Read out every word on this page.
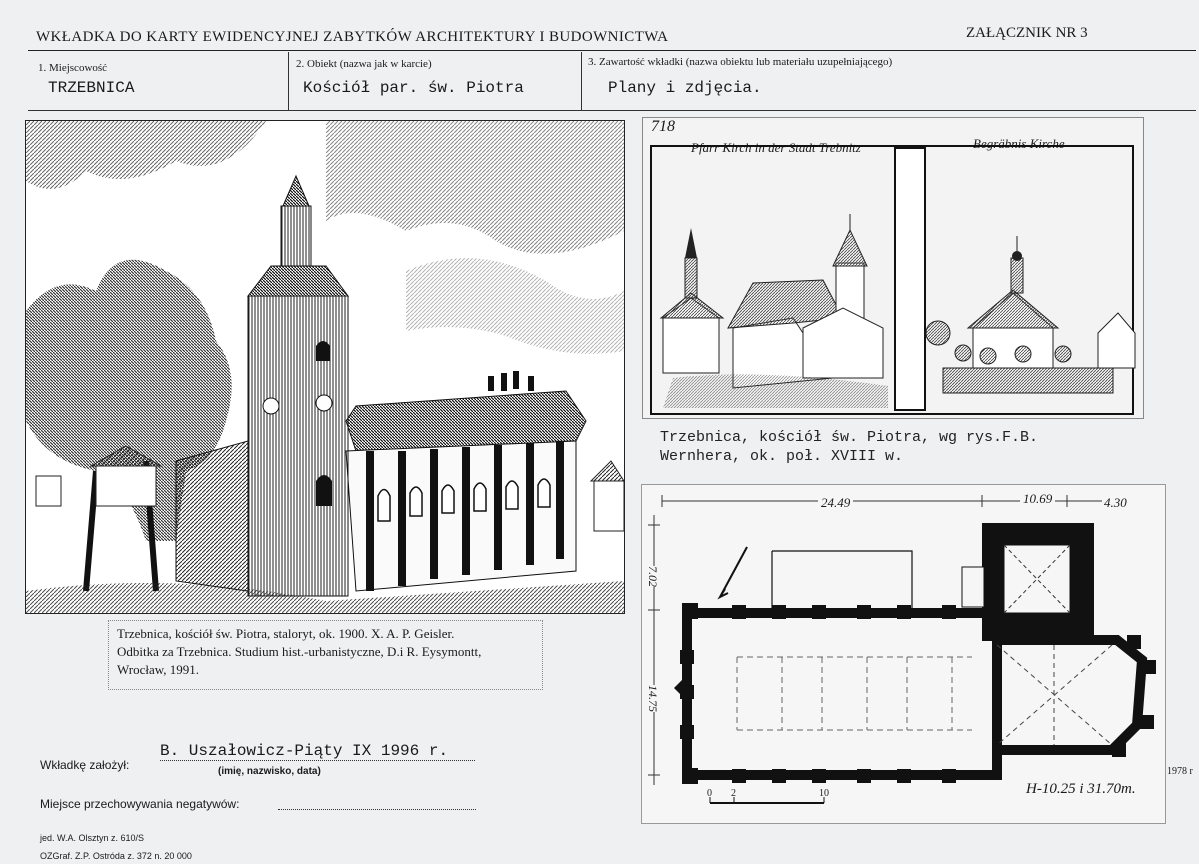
WKŁADKA DO KARTY EWIDENCYJNEJ ZABYTKÓW ARCHITEKTURY I BUDOWNICTWA	ZAŁĄCZNIK NR 3
1. Miejscowość
TRZEBNICA
2. Obiekt (nazwa jak w karcie)
Kościół par. św. Piotra
3. Zawartość wkładki (nazwa obiektu lub materiału uzupełniającego)
Plany i zdjęcia.
Trzebnica, kościół św. Piotra, staloryt, ok. 1900. X. A. P. Geisler.
Odbitka za Trzebnica. Studium hist.-urbanistyczne, D.i R. Eysymontt,
Wrocław, 1991.
718
Pfarr Kirch in der Stadt Trebnitz	Begräbnis Kirche
Trzebnica, kościół św. Piotra, wg rys.F.B.
Wernhera, ok. poł. XVIII w.
24.49	10.69	4.30
7.02
14.75
0 2	10	H-10.25 i 31.70m.
1978 r
Wkładkę założył:
B. Uszałowicz-Piąty IX 1996 r.
(imię, nazwisko, data)
Miejsce przechowywania negatywów:
jed. W.A. Olsztyn z. 610/S
OZGraf. Z.P. Ostróda z. 372 n. 20 000
